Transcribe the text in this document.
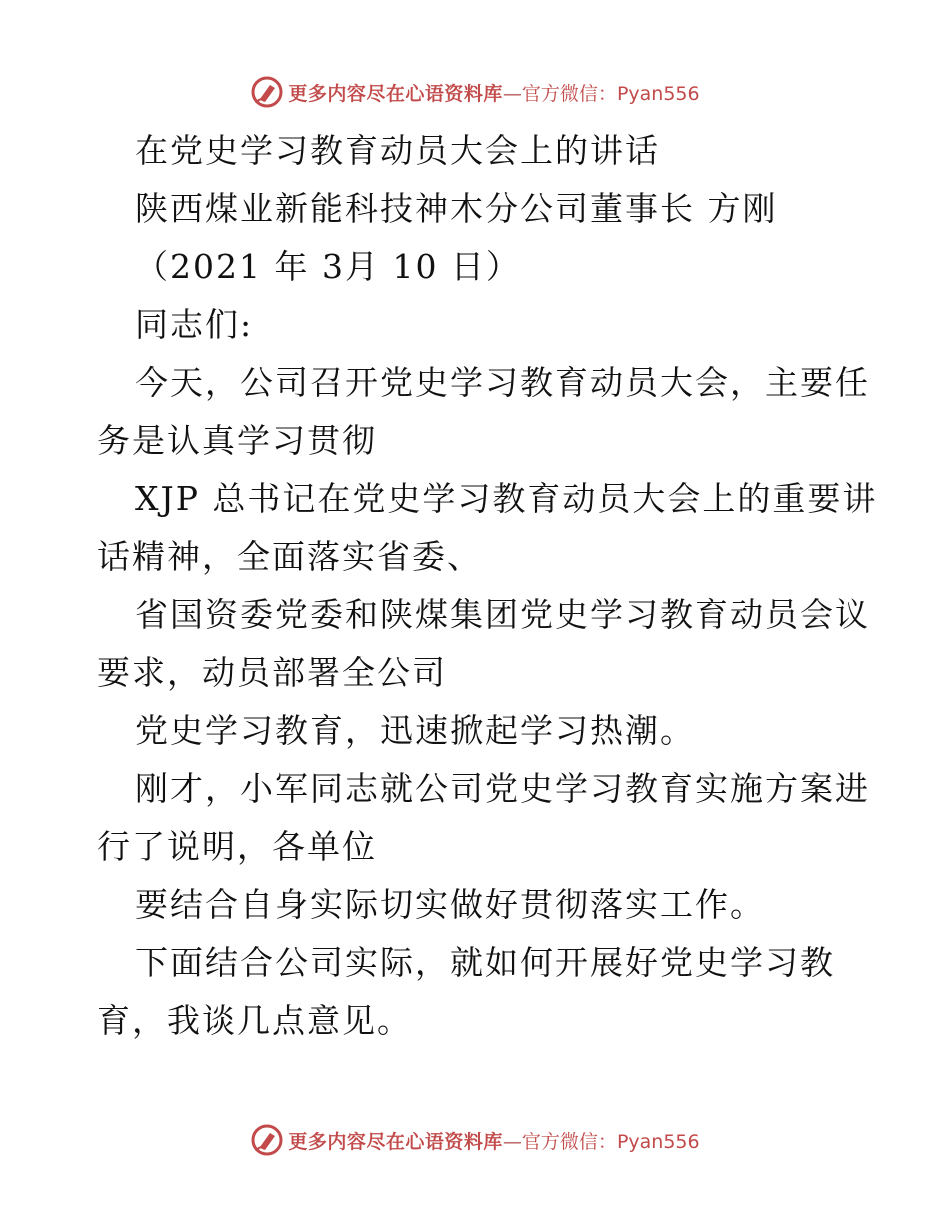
更多内容尽在心语资料库—官方微信：Pyan556
在党史学习教育动员大会上的讲话
陕西煤业新能科技神木分公司董事长 方刚
（2021 年 3月 10 日）
同志们:
今天，公司召开党史学习教育动员大会，主要任
务是认真学习贯彻
XJP 总书记在党史学习教育动员大会上的重要讲
话精神，全面落实省委、
省国资委党委和陕煤集团党史学习教育动员会议
要求，动员部署全公司
党史学习教育，迅速掀起学习热潮。
刚才，小军同志就公司党史学习教育实施方案进
行了说明，各单位
要结合自身实际切实做好贯彻落实工作。
下面结合公司实际，就如何开展好党史学习教
育，我谈几点意见。
更多内容尽在心语资料库—官方微信：Pyan556
